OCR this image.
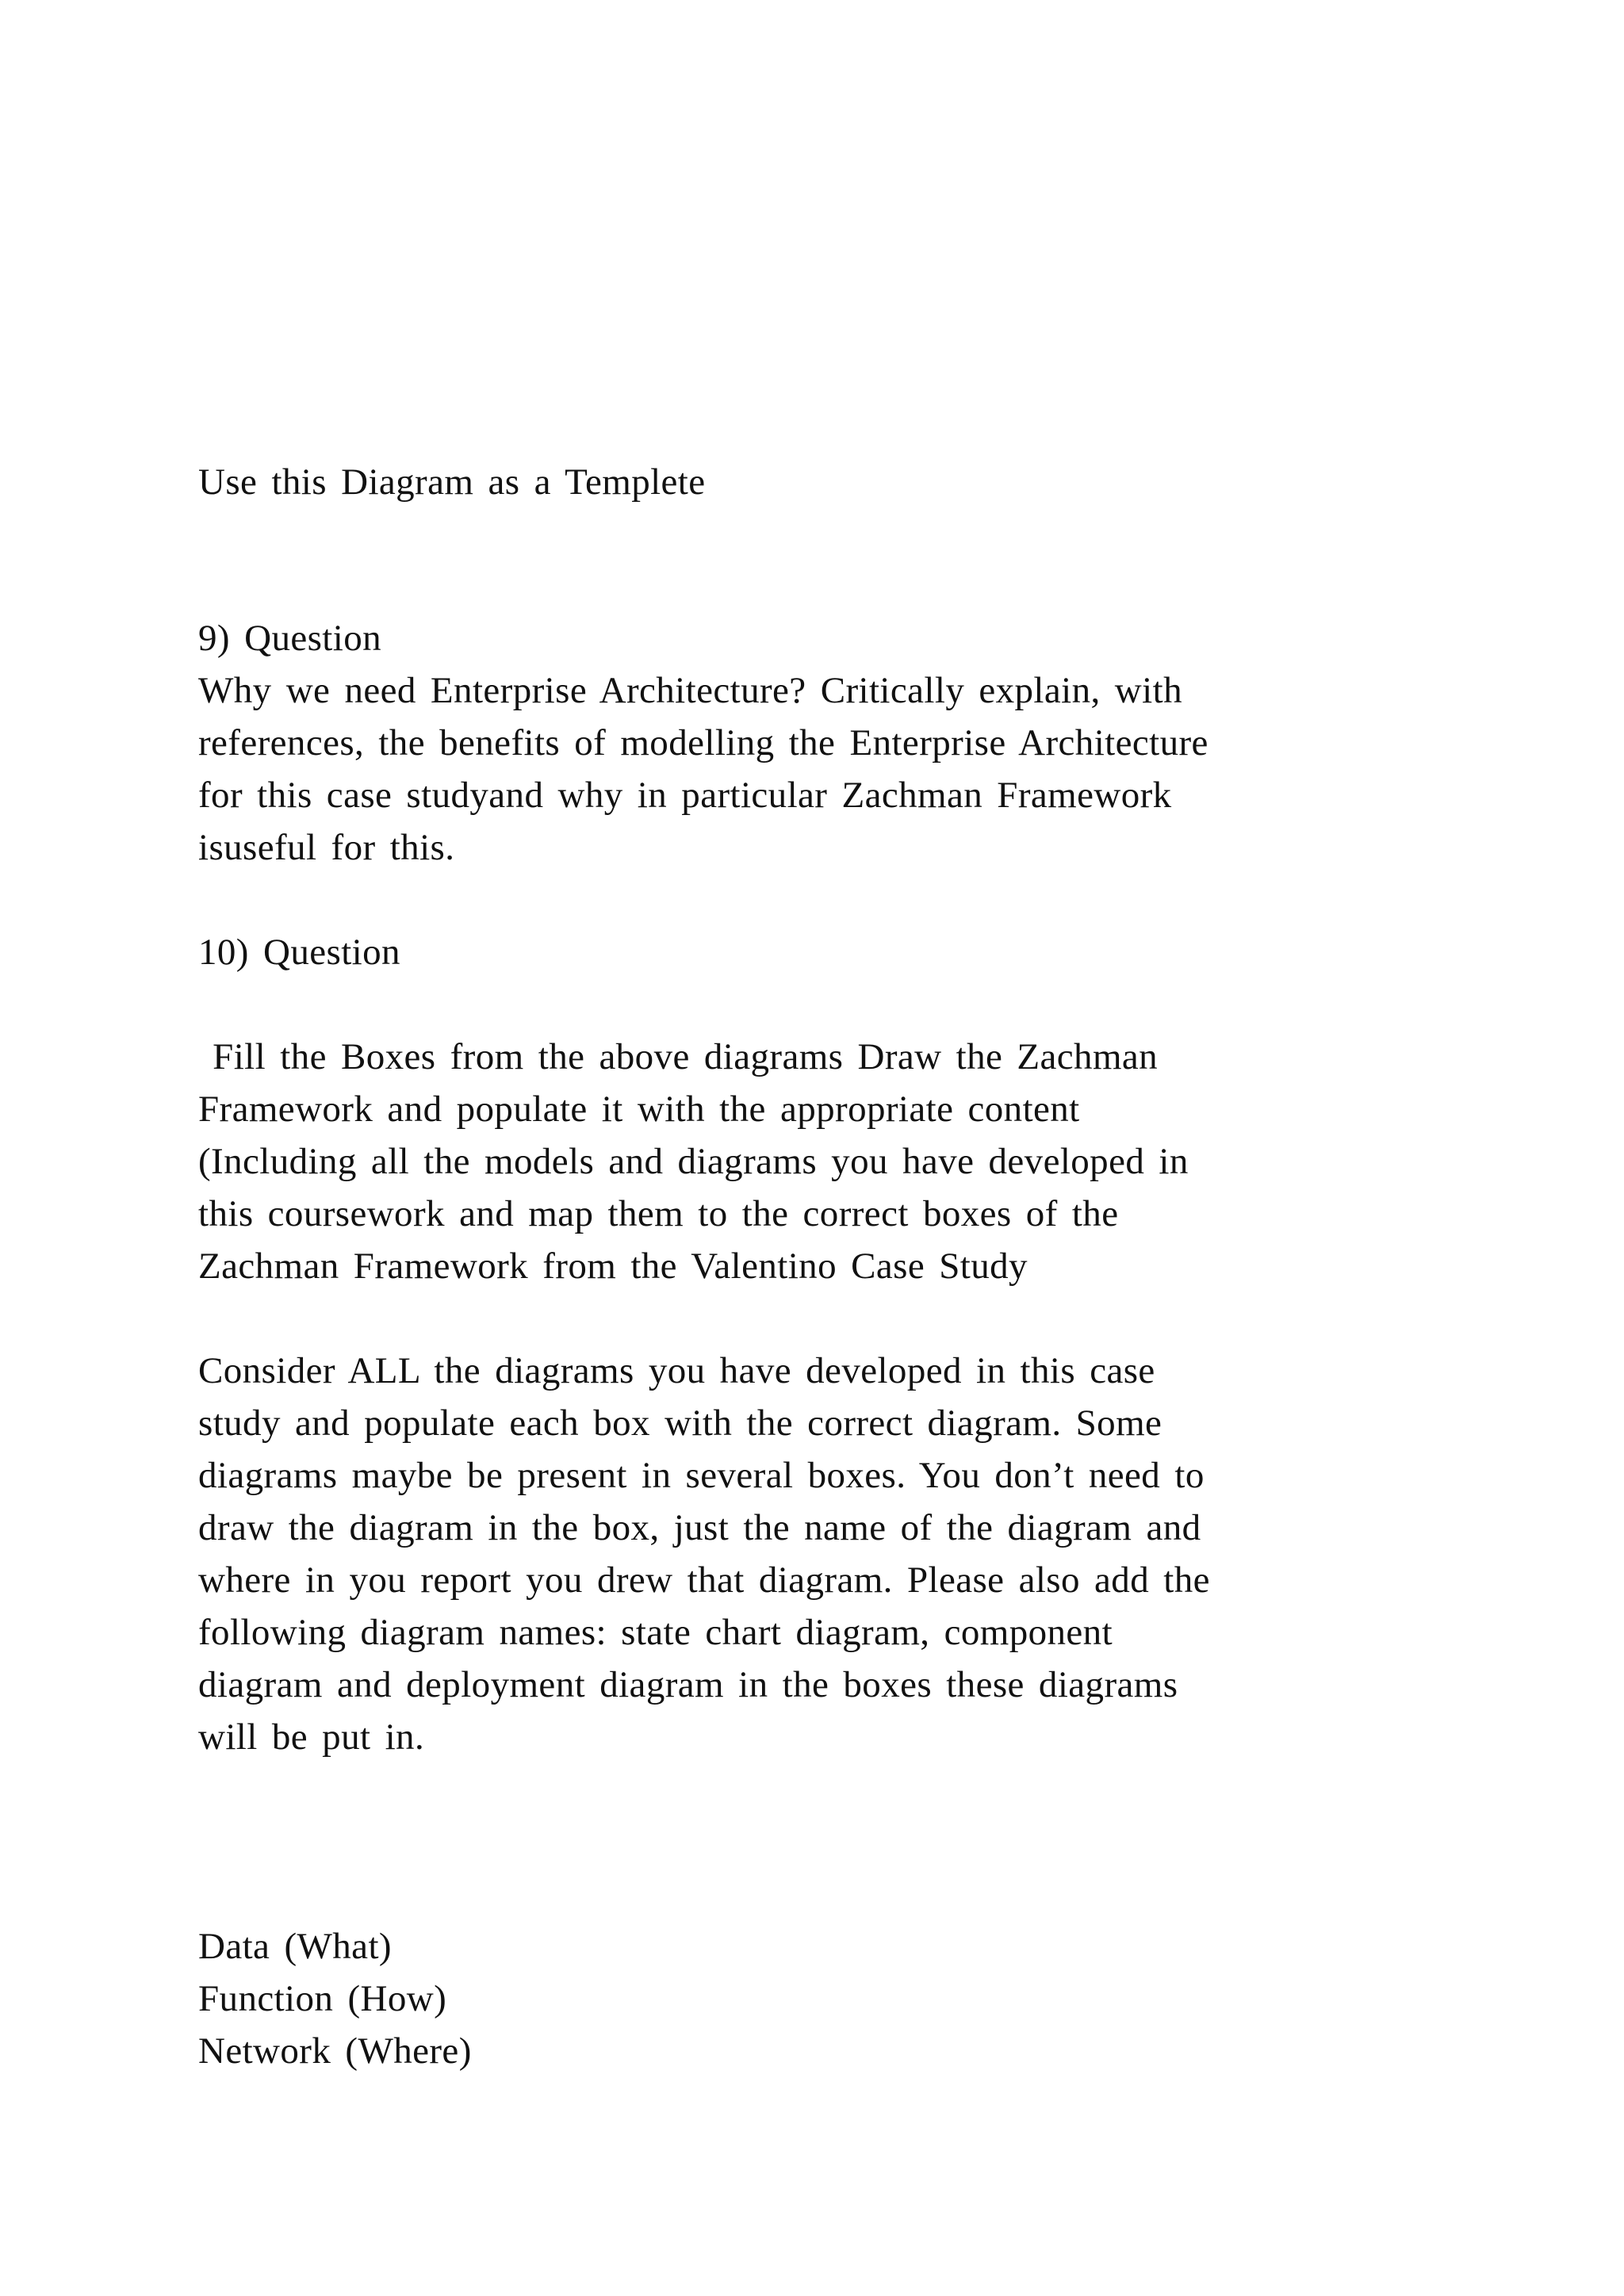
Use this Diagram as a Templete
9) Question
Why we need Enterprise Architecture? Critically explain, with
references, the benefits of modelling the Enterprise Architecture
for this case studyand why in particular Zachman Framework
isuseful for this.
10) Question
Fill the Boxes from the above diagrams Draw the Zachman
Framework and populate it with the appropriate content
(Including all the models and diagrams you have developed in
this coursework and map them to the correct boxes of the
Zachman Framework from the Valentino Case Study
Consider ALL the diagrams you have developed in this case
study and populate each box with the correct diagram. Some
diagrams maybe be present in several boxes. You don’t need to
draw the diagram in the box, just the name of the diagram and
where in you report you drew that diagram. Please also add the
following diagram names: state chart diagram, component
diagram and deployment diagram in the boxes these diagrams
will be put in.
Data (What)
Function (How)
Network (Where)
